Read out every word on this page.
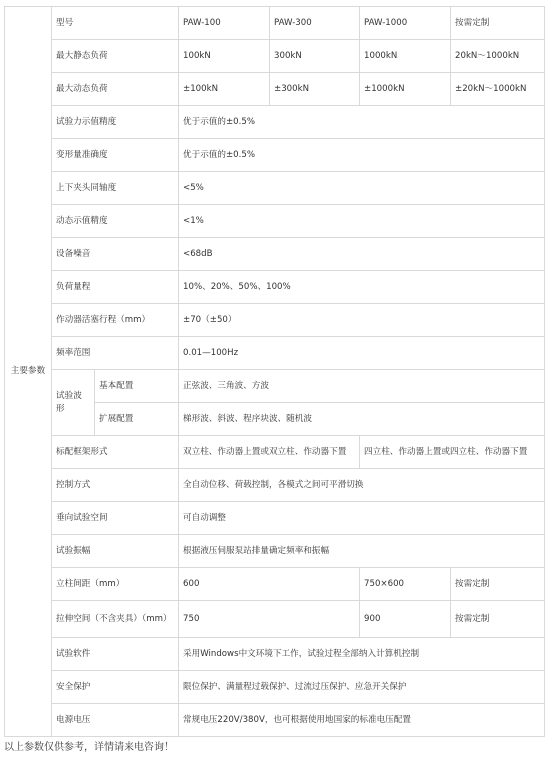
主要参数	型号		PAW-100	PAW-300	PAW-1000	按需定制
	最大静态负荷		100kN	300kN	1000kN	20kN～1000kN
	最大动态负荷		±100kN	±300kN	±1000kN	±20kN～1000kN
	试验力示值精度		优于示值的±0.5%			
	变形量准确度		优于示值的±0.5%			
	上下夹头同轴度		<5%			
	动态示值精度		<1%			
	设备噪音		<68dB			
	负荷量程		10%、20%、50%、100%			
	作动器活塞行程（mm）		±70（±50）			
	频率范围		0.01—100Hz			
	试验波形	基本配置	正弦波、三角波、方波			
		扩展配置	梯形波、斜波、程序块波、随机波			
	标配框架形式		双立柱、作动器上置或双立柱、作动器下置		四立柱、作动器上置或四立柱、作动器下置	
	控制方式		全自动位移、荷载控制，各模式之间可平滑切换			
	垂向试验空间		可自动调整			
	试验振幅		根据液压伺服泵站排量确定频率和振幅			
	立柱间距（mm）		600		750×600	按需定制
	拉伸空间（不含夹具）（mm）		750		900	按需定制
	试验软件		采用Windows中文环境下工作，试验过程全部纳入计算机控制			
	安全保护		限位保护、满量程过载保护、过流过压保护、应急开关保护			
	电源电压		常规电压220V/380V，也可根据使用地国家的标准电压配置			
以上参数仅供参考，详情请来电咨询！
